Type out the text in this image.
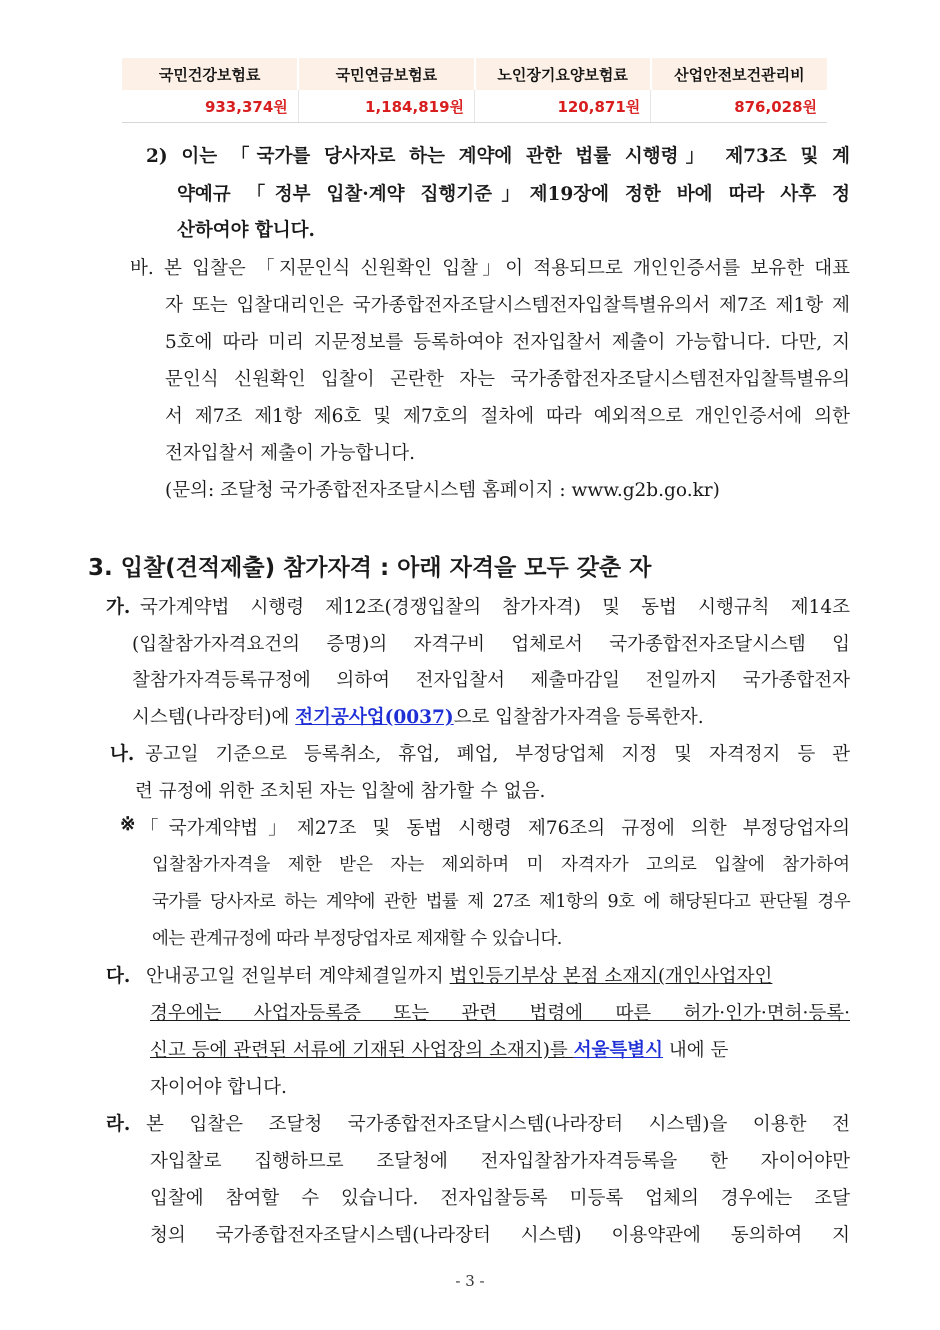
국민건강보험료	국민연금보험료	노인장기요양보험료	산업안전보건관리비
933,374원	1,184,819원	120,871원	876,028원
2) 이는 「국가를 당사자로 하는 계약에 관한 법률 시행령」 제73조 및 계
약예규 「정부 입찰·계약 집행기준」제19장에 정한 바에 따라 사후 정
산하여야 합니다.
바. 본 입찰은 「지문인식 신원확인 입찰」이 적용되므로 개인인증서를 보유한 대표
자 또는 입찰대리인은 국가종합전자조달시스템전자입찰특별유의서 제7조 제1항 제
5호에 따라 미리 지문정보를 등록하여야 전자입찰서 제출이 가능합니다. 다만, 지
문인식 신원확인 입찰이 곤란한 자는 국가종합전자조달시스템전자입찰특별유의
서 제7조 제1항 제6호 및 제7호의 절차에 따라 예외적으로 개인인증서에 의한
전자입찰서 제출이 가능합니다.
(문의: 조달청 국가종합전자조달시스템 홈페이지 : www.g2b.go.kr)
3. 입찰(견적제출) 참가자격 : 아래 자격을 모두 갖춘 자
가. 국가계약법 시행령 제12조(경쟁입찰의 참가자격) 및 동법 시행규칙 제14조
(입찰참가자격요건의 증명)의 자격구비 업체로서 국가종합전자조달시스템 입
찰참가자격등록규정에 의하여 전자입찰서 제출마감일 전일까지 국가종합전자
시스템(나라장터)에 전기공사업(0037)으로 입찰참가자격을 등록한자.
나. 공고일 기준으로 등록취소, 휴업, 폐업, 부정당업체 지정 및 자격정지 등 관
련 규정에 위한 조치된 자는 입찰에 참가할 수 없음.
※ 「국가계약법」제27조 및 동법 시행령 제76조의 규정에 의한 부정당업자의
입찰참가자격을 제한 받은 자는 제외하며 미 자격자가 고의로 입찰에 참가하여
국가를 당사자로 하는 계약에 관한 법률 제 27조 제1항의 9호 에 해당된다고 판단될 경우
에는 관계규정에 따라 부정당업자로 제재할 수 있습니다.
다. 안내공고일 전일부터 계약체결일까지 법인등기부상 본점 소재지(개인사업자인
경우에는 사업자등록증 또는 관련 법령에 따른 허가·인가·면허·등록·
신고 등에 관련된 서류에 기재된 사업장의 소재지)를 서울특별시 내에 둔
자이어야 합니다.
라. 본 입찰은 조달청 국가종합전자조달시스템(나라장터 시스템)을 이용한 전
자입찰로 집행하므로 조달청에 전자입찰참가자격등록을 한 자이어야만
입찰에 참여할 수 있습니다. 전자입찰등록 미등록 업체의 경우에는 조달
청의 국가종합전자조달시스템(나라장터 시스템) 이용약관에 동의하여 지
- 3 -
